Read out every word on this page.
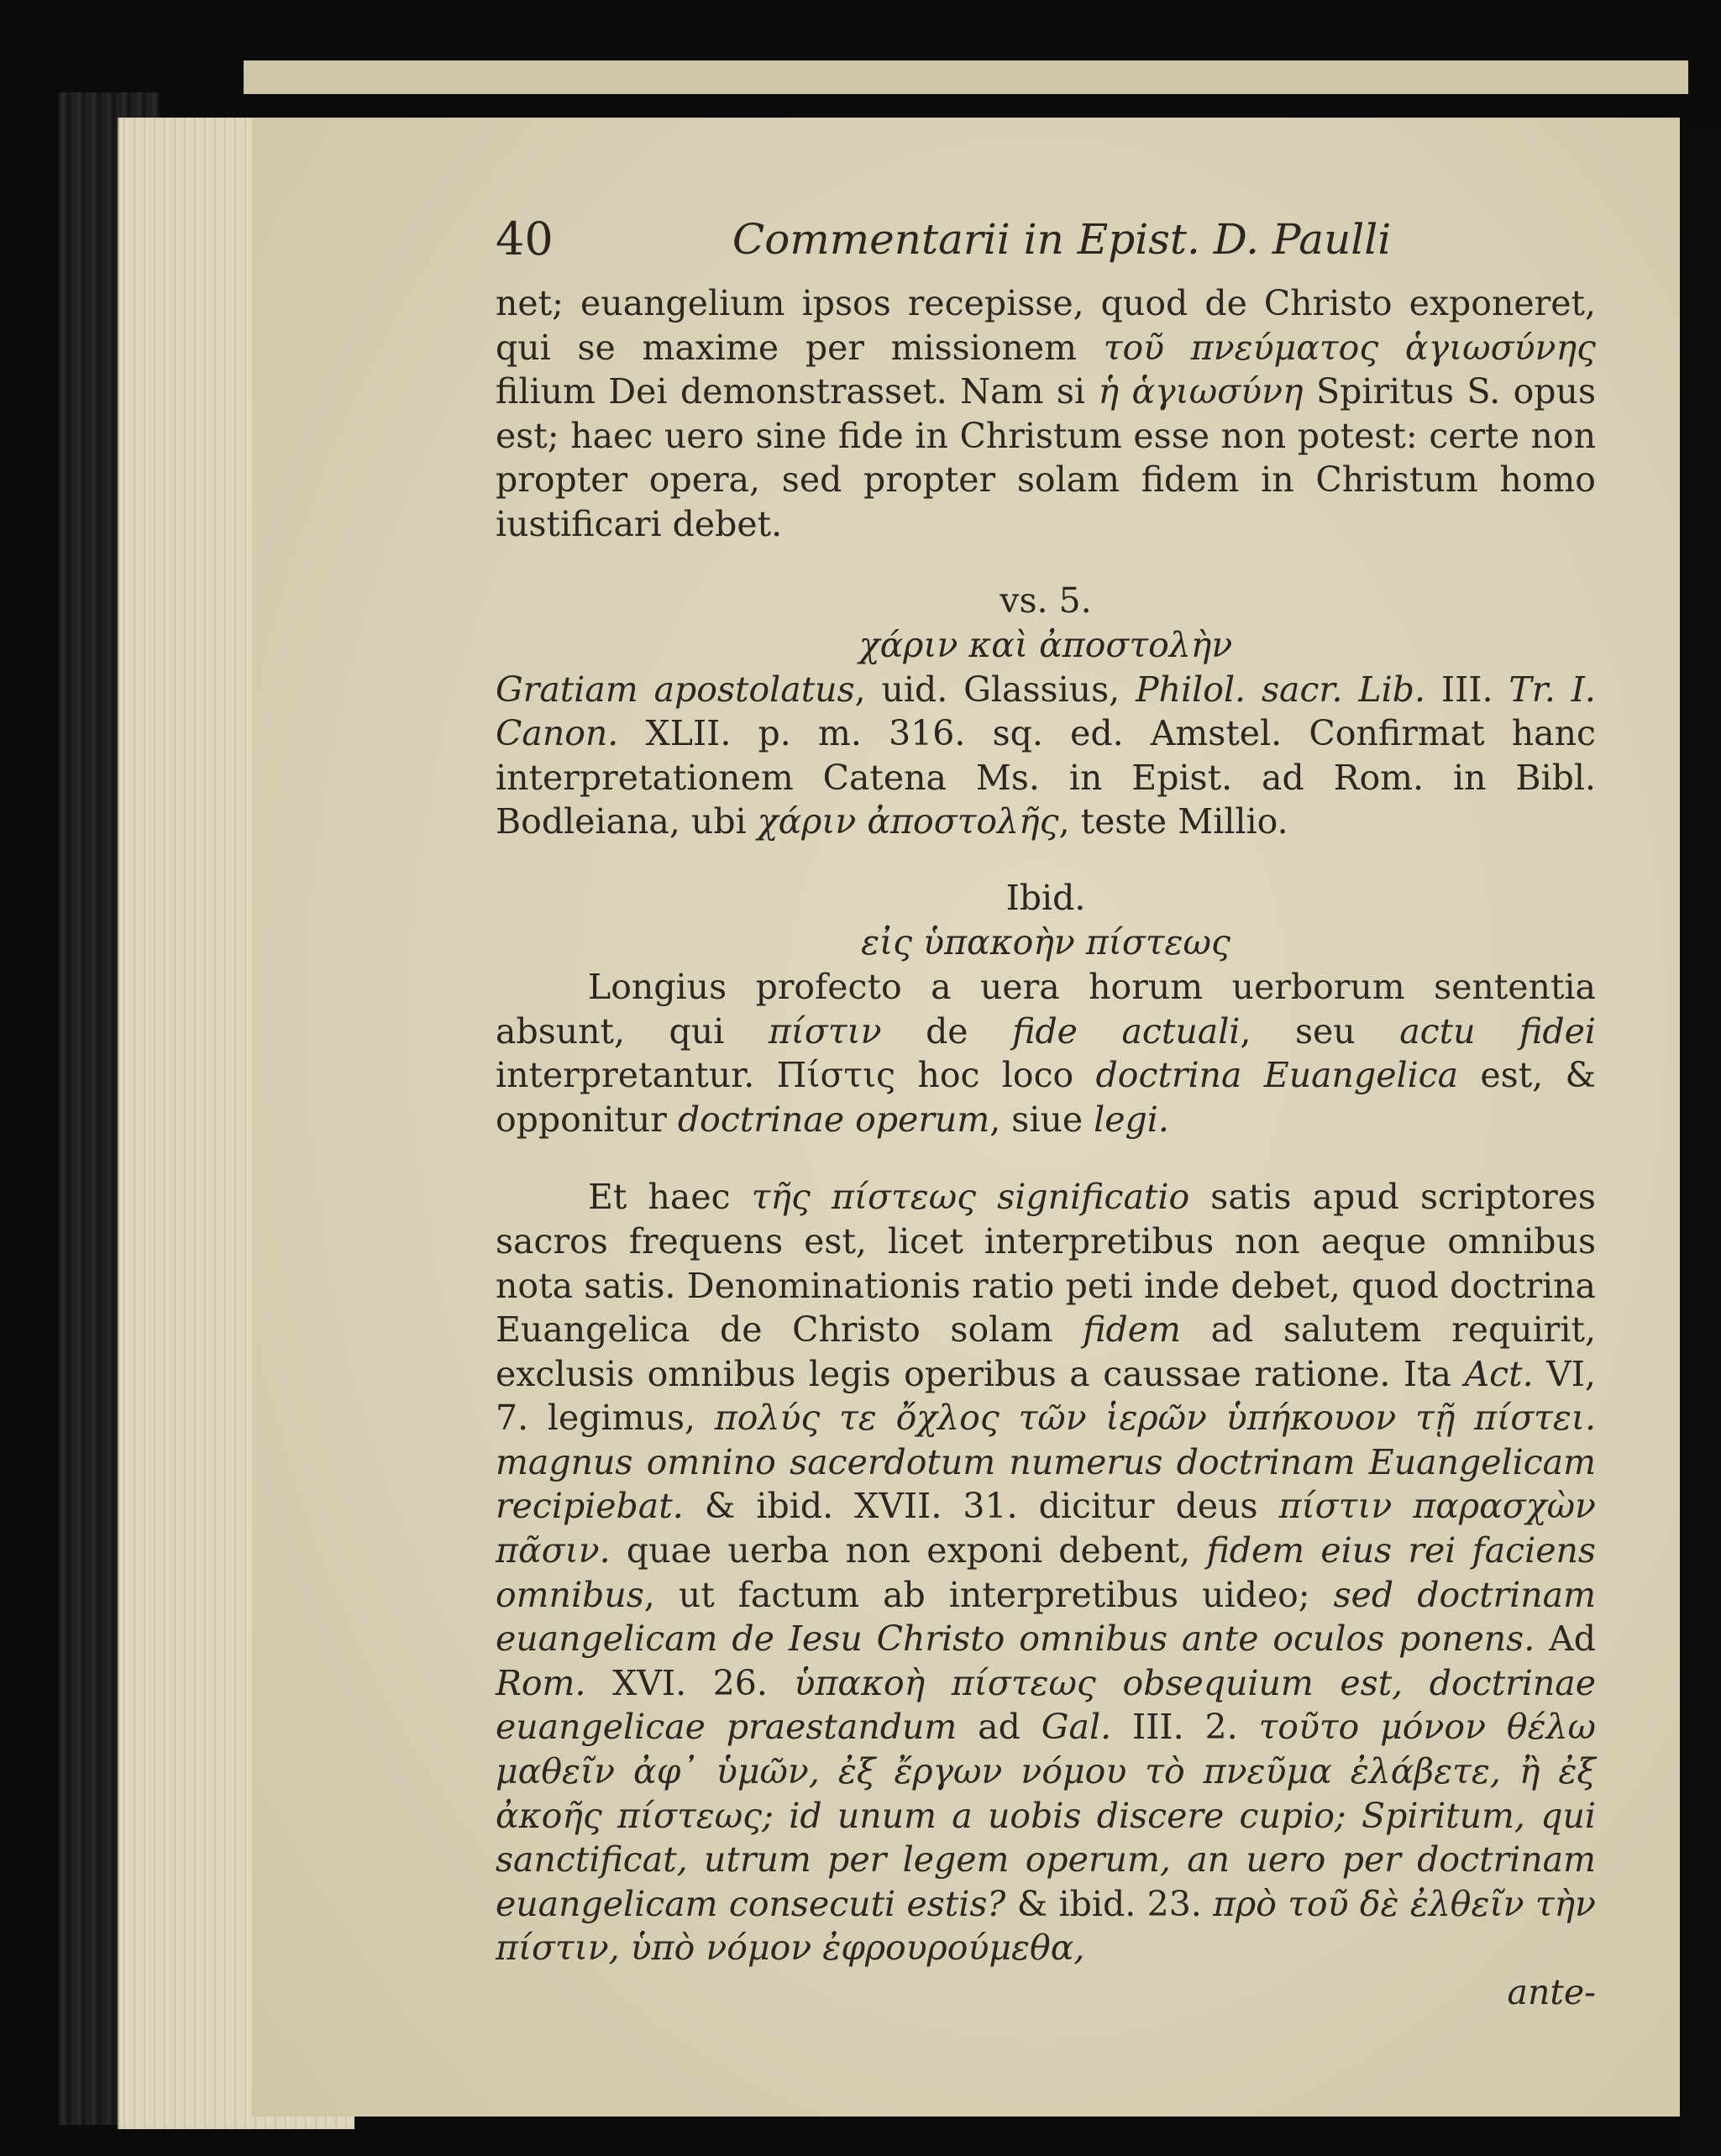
40	Commentarii in Epist. D. Paulli

net; euangelium ipsos recepisse, quod de Christo exponeret, qui se maxime per missionem τοῦ πνεύματος ἁγιωσύνης filium Dei demonstrasset. Nam si ἡ ἁγιωσύνη Spiritus S. opus est; haec uero sine fide in Christum esse non potest: certe non propter opera, sed propter solam fidem in Christum homo iustificari debet.

vs. 5.

χάριν καὶ ἀποστολὴν

Gratiam apostolatus, uid. Glassius, Philol. sacr. Lib. III. Tr. I. Canon. XLII. p. m. 316. sq. ed. Amstel. Confirmat hanc interpretationem Catena Ms. in Epist. ad Rom. in Bibl. Bodleiana, ubi χάριν ἀποστολῆς, teste Millio.

Ibid.

εἰς ὑπακοὴν πίστεως

Longius profecto a uera horum uerborum sententia absunt, qui πίστιν de fide actuali, seu actu fidei interpretantur. Πίστις hoc loco doctrina Euangelica est, & opponitur doctrinae operum, siue legi.

Et haec τῆς πίστεως significatio satis apud scriptores sacros frequens est, licet interpretibus non aeque omnibus nota satis. Denominationis ratio peti inde debet, quod doctrina Euangelica de Christo solam fidem ad salutem requirit, exclusis omnibus legis operibus a caussae ratione. Ita Act. VI, 7. legimus, πολύς τε ὄχλος τῶν ἱερῶν ὑπήκουον τῇ πίστει. magnus omnino sacerdotum numerus doctrinam Euangelicam recipiebat. & ibid. XVII. 31. dicitur deus πίστιν παρασχὼν πᾶσιν. quae uerba non exponi debent, fidem eius rei faciens omnibus, ut factum ab interpretibus uideo; sed doctrinam euangelicam de Iesu Christo omnibus ante oculos ponens. Ad Rom. XVI. 26. ὑπακοὴ πίστεως obsequium est, doctrinae euangelicae praestandum ad Gal. III. 2. τοῦτο μόνον θέλω μαθεῖν ἀφ᾽ ὑμῶν, ἐξ ἔργων νόμου τὸ πνεῦμα ἐλάβετε, ἢ ἐξ ἀκοῆς πίστεως; id unum a uobis discere cupio; Spiritum, qui sanctificat, utrum per legem operum, an uero per doctrinam euangelicam consecuti estis? & ibid. 23. πρὸ τοῦ δὲ ἐλθεῖν τὴν πίστιν, ὑπὸ νόμον ἐφρουρούμεθα,

ante-
